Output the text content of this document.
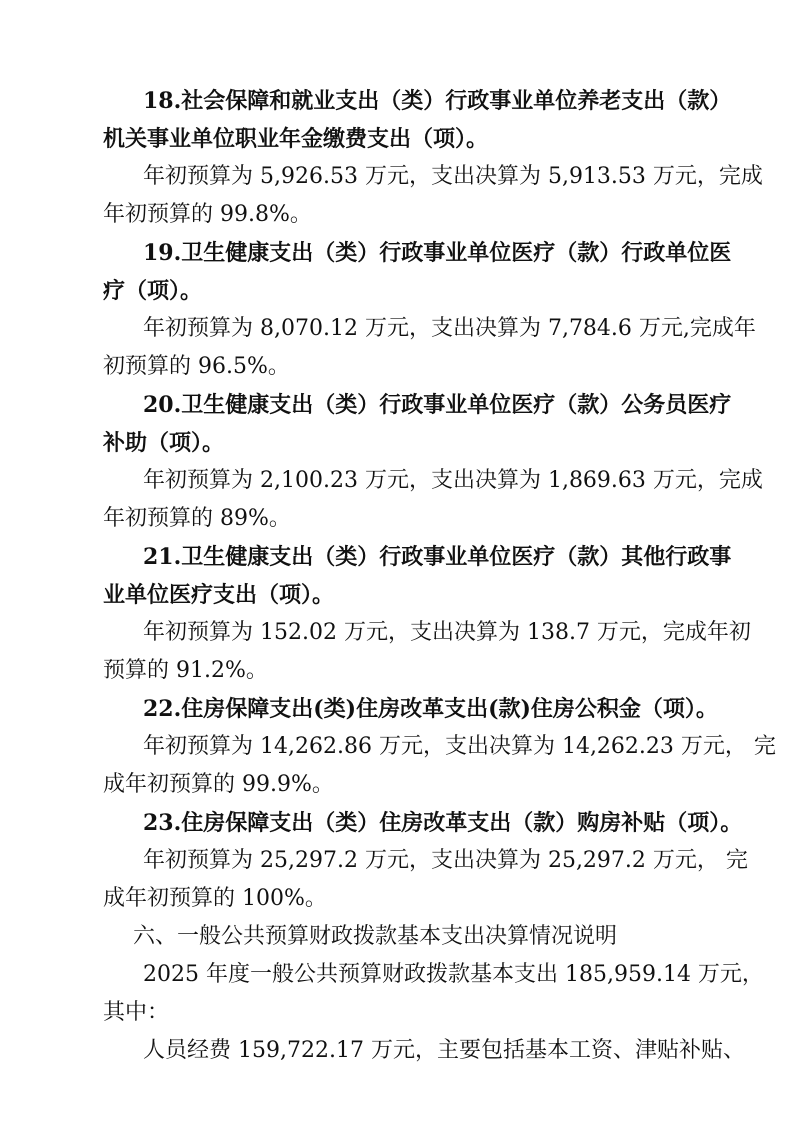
18.社会保障和就业支出（类）行政事业单位养老支出（款）
机关事业单位职业年金缴费支出（项）。
年初预算为 5,926.53 万元，支出决算为 5,913.53 万元，完成
年初预算的 99.8%。
19.卫生健康支出（类）行政事业单位医疗（款）行政单位医
疗（项）。
年初预算为 8,070.12 万元，支出决算为 7,784.6 万元,完成年
初预算的 96.5%。
20.卫生健康支出（类）行政事业单位医疗（款）公务员医疗
补助（项）。
年初预算为 2,100.23 万元，支出决算为 1,869.63 万元，完成
年初预算的 89%。
21.卫生健康支出（类）行政事业单位医疗（款）其他行政事
业单位医疗支出（项）。
年初预算为 152.02 万元，支出决算为 138.7 万元，完成年初
预算的 91.2%。
22.住房保障支出(类)住房改革支出(款)住房公积金（项）。
年初预算为 14,262.86 万元，支出决算为 14,262.23 万元， 完
成年初预算的 99.9%。
23.住房保障支出（类）住房改革支出（款）购房补贴（项）。
年初预算为 25,297.2 万元，支出决算为 25,297.2 万元， 完
成年初预算的 100%。
六、一般公共预算财政拨款基本支出决算情况说明
2025 年度一般公共预算财政拨款基本支出 185,959.14 万元，
其中：
人员经费 159,722.17 万元，主要包括基本工资、津贴补贴、
